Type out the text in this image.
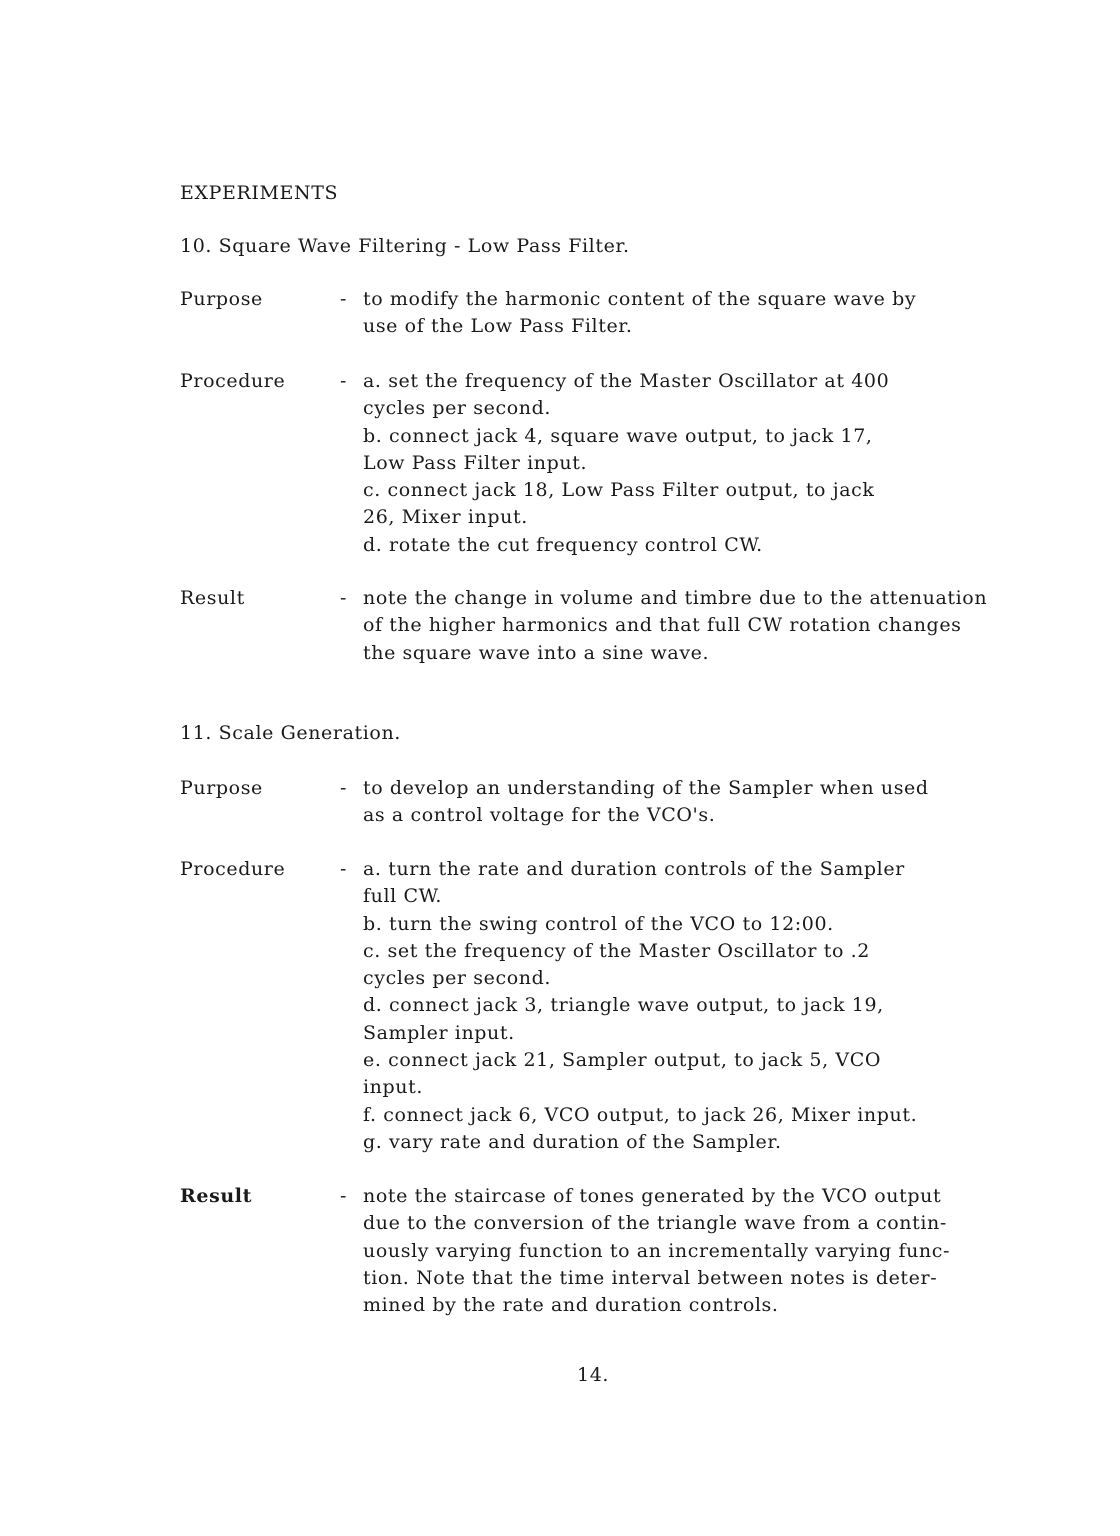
EXPERIMENTS
10. Square Wave Filtering - Low Pass Filter.
Purpose	- to modify the harmonic content of the square wave by
use of the Low Pass Filter.
Procedure	- a. set the frequency of the Master Oscillator at 400
cycles per second.
b. connect jack 4, square wave output, to jack 17,
Low Pass Filter input.
c. connect jack 18, Low Pass Filter output, to jack
26, Mixer input.
d. rotate the cut frequency control CW.
Result	- note the change in volume and timbre due to the attenuation
of the higher harmonics and that full CW rotation changes
the square wave into a sine wave.
11. Scale Generation.
Purpose	- to develop an understanding of the Sampler when used
as a control voltage for the VCO's.
Procedure	- a. turn the rate and duration controls of the Sampler
full CW.
b. turn the swing control of the VCO to 12:00.
c. set the frequency of the Master Oscillator to .2
cycles per second.
d. connect jack 3, triangle wave output, to jack 19,
Sampler input.
e. connect jack 21, Sampler output, to jack 5, VCO
input.
f. connect jack 6, VCO output, to jack 26, Mixer input.
g. vary rate and duration of the Sampler.
Result	- note the staircase of tones generated by the VCO output
due to the conversion of the triangle wave from a contin-
uously varying function to an incrementally varying func-
tion. Note that the time interval between notes is deter-
mined by the rate and duration controls.
14.
